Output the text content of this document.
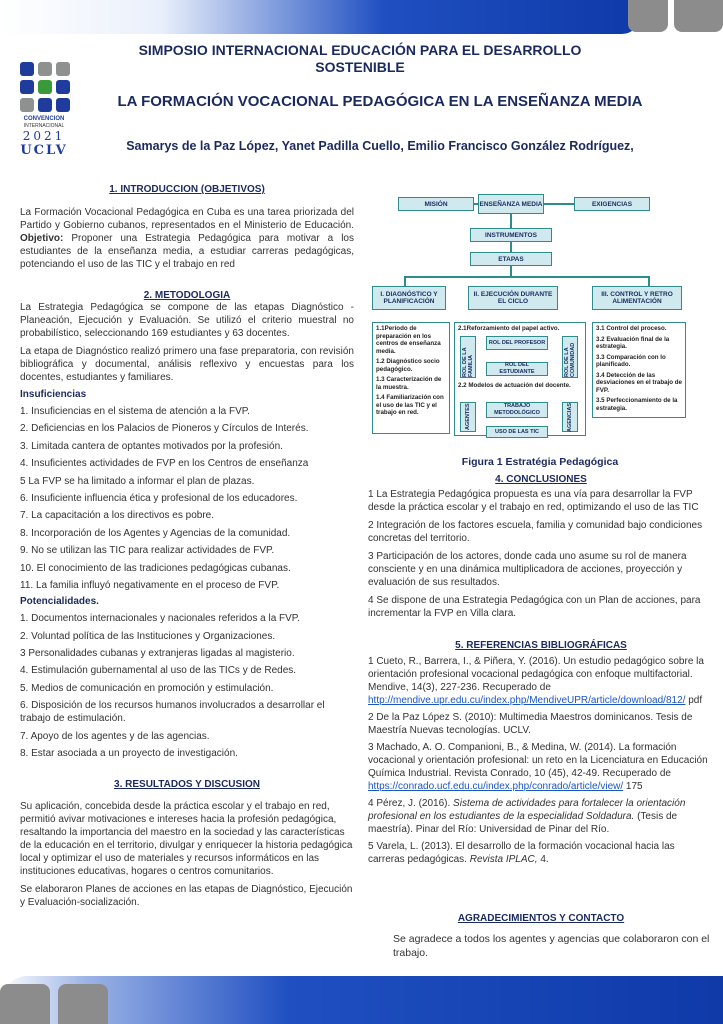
CONVENCION
INTERNACIONAL
2021
UCLV
SIMPOSIO INTERNACIONAL EDUCACIÓN PARA EL DESARROLLO
SOSTENIBLE
LA FORMACIÓN VOCACIONAL PEDAGÓGICA EN LA ENSEÑANZA MEDIA
Samarys de la Paz López, Yanet Padilla Cuello, Emilio Francisco González Rodríguez,
1. INTRODUCCION (OBJETIVOS)

La Formación Vocacional Pedagógica en Cuba es una tarea priorizada del Partido y Gobierno cubanos, representados en el Ministerio de Educación. Objetivo: Proponer una Estrategia Pedagógica para motivar a los estudiantes de la enseñanza media, a estudiar carreras pedagógicas, potenciando el uso de las TIC y el trabajo en red

2. METODOLOGIA

La Estrategia Pedagógica se compone de las etapas Diagnóstico - Planeación, Ejecución y Evaluación. Se utilizó el criterio muestral no probabilístico, seleccionando 169 estudiantes y 63 docentes.

La etapa de Diagnóstico realizó primero una fase preparatoria, con revisión bibliográfica y documental, análisis reflexivo y encuestas para los docentes, estudiantes y familiares.

Insuficiencias
1. Insuficiencias en el sistema de atención a la FVP.
2. Deficiencias en los Palacios de Pioneros y Círculos de Interés.
3. Limitada cantera de optantes motivados por la profesión.
4. Insuficientes actividades de FVP en los Centros de enseñanza
5 La FVP se ha limitado a informar el plan de plazas.
6. Insuficiente influencia ética y profesional de los educadores.
7. La capacitación a los directivos es pobre.
8. Incorporación de los Agentes y Agencias de la comunidad.
9. No se utilizan las TIC para realizar actividades de FVP.
10. El conocimiento de las tradiciones pedagógicas cubanas.
11. La familia influyó negativamente en el proceso de FVP.
Potencialidades.
1. Documentos internacionales y nacionales referidos a la FVP.
2. Voluntad política de las Instituciones y Organizaciones.
3 Personalidades cubanas y extranjeras ligadas al magisterio.
4. Estimulación gubernamental al uso de las TICs y de Redes.
5. Medios de comunicación en promoción y estimulación.
6. Disposición de los recursos humanos involucrados a desarrollar el trabajo de estimulación.
7. Apoyo de los agentes y de las agencias.
8. Estar asociada a un proyecto de investigación.
3. RESULTADOS Y DISCUSION

Su aplicación, concebida desde la práctica escolar y el trabajo en red, permitió avivar motivaciones e intereses hacia la profesión pedagógica, resaltando la importancia del maestro en la sociedad y las características de la educación en el territorio, divulgar y enriquecer la historia pedagógica local y optimizar el uso de materiales y recursos informáticos en las instituciones educativas, hogares o centros comunitarios.

Se elaboraron Planes de acciones en las etapas de Diagnóstico, Ejecución y Evaluación-socialización.

MISIÓN	ENSEÑANZA MEDIA	EXIGENCIAS
INSTRUMENTOS
ETAPAS
I. DIAGNÓSTICO Y PLANIFICACIÓN
II. EJECUCIÓN DURANTE EL CICLO
III. CONTROL Y RETRO ALIMENTACIÓN
1.1Período de preparación en los centros de enseñanza media.
1.2 Diagnóstico socio pedagógico.
1.3 Caracterización de la muestra.
1.4 Familiarización con el uso de las TIC y el trabajo en red.
2.1Reforzamiento del papel activo.
ROL DE LA FAMILIA
ROL DEL PROFESOR
ROL DEL ESTUDIANTE	ROL DE LA COMUNIDAD
2.2 Modelos de actuación del docente.
AGENTES	TRABAJO METODOLÓGICO
USO DE LAS TIC	AGENCIAS
3.1 Control del proceso.
3.2 Evaluación final de la estrategia.
3.3 Comparación con lo planificado.
3.4 Detección de las desviaciones en el trabajo de FVP.
3.5 Perfeccionamiento de la estrategia.
Figura 1 Estratégia Pedagógica
4. CONCLUSIONES
1 La Estrategia Pedagógica propuesta es una vía para desarrollar la FVP desde la práctica escolar y el trabajo en red, optimizando el uso de las TIC
2 Integración de los factores escuela, familia y comunidad bajo condiciones concretas del territorio.
3 Participación de los actores, donde cada uno asume su rol de manera consciente y en una dinámica multiplicadora de acciones, proyección y evaluación de sus resultados.
4 Se dispone de una Estrategia Pedagógica con un Plan de acciones, para incrementar la FVP en Villa clara.
5. REFERENCIAS BIBLIOGRÁFICAS

1 Cueto, R., Barrera, I., & Piñera, Y. (2016). Un estudio pedagógico sobre la orientación profesional vocacional pedagógica con enfoque multifactorial. Mendive, 14(3), 227-236. Recuperado de
http://mendive.upr.edu.cu/index.php/MendiveUPR/article/download/812/ pdf

2 De la Paz López S. (2010): Multimedia Maestros dominicanos. Tesis de Maestría Nuevas tecnologías. UCLV.

3 Machado, A. O. Companioni, B., & Medina, W. (2014). La formación vocacional y orientación profesional: un reto en la Licenciatura en Educación Química Industrial. Revista Conrado, 10 (45), 42-49. Recuperado de
https://conrado.ucf.edu.cu/index.php/conrado/article/view/ 175

4 Pérez, J. (2016). Sistema de actividades para fortalecer la orientación profesional en los estudiantes de la especialidad Soldadura. (Tesis de maestría). Pinar del Río: Universidad de Pinar del Río.

5 Varela, L. (2013). El desarrollo de la formación vocacional hacia las carreras pedagógicas. Revista IPLAC, 4.

AGRADECIMIENTOS Y CONTACTO

Se agradece a todos los agentes y agencias que colaboraron con el trabajo.
